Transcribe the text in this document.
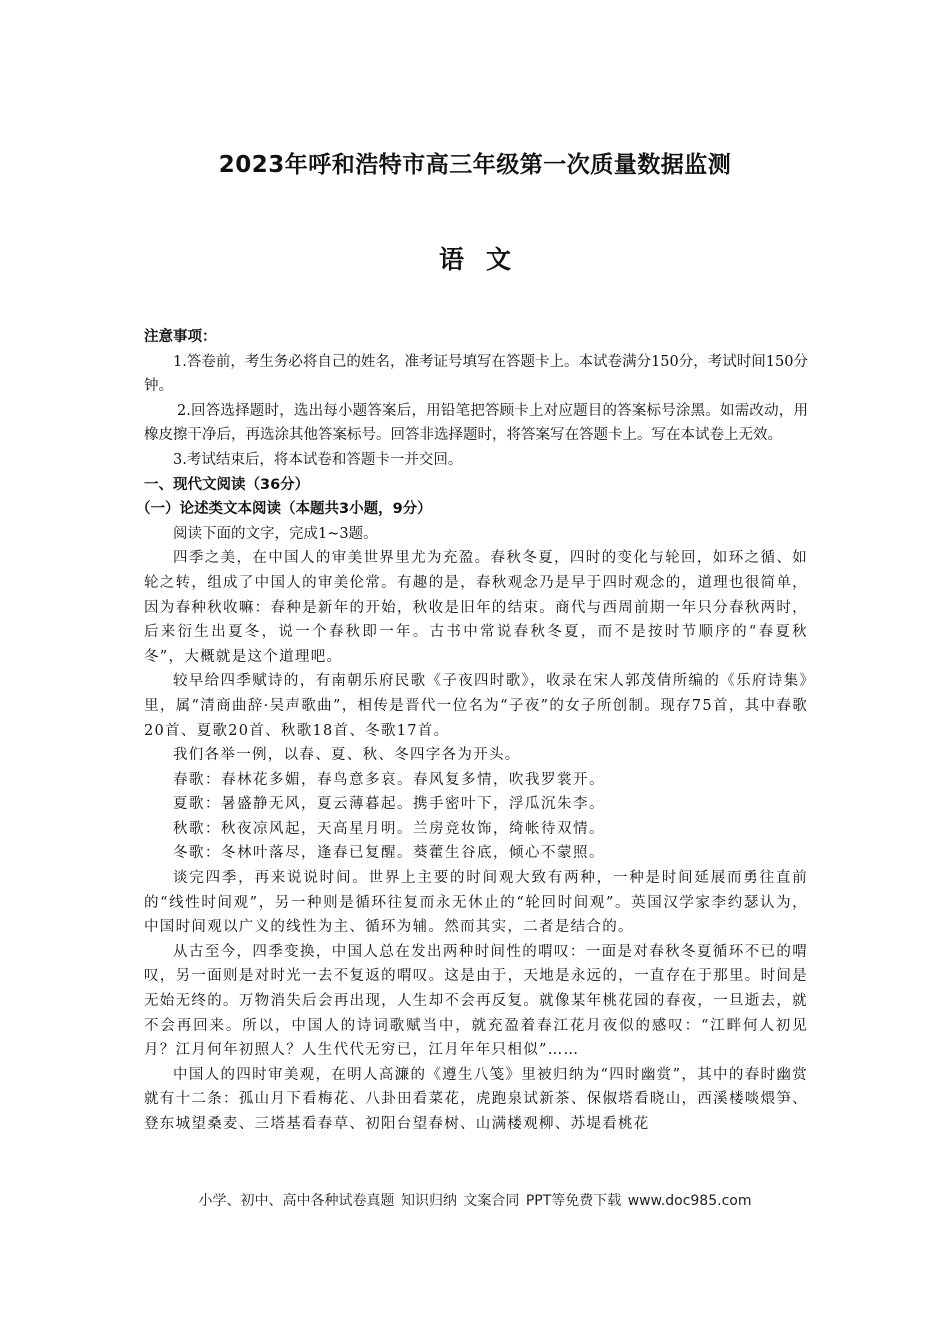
2023年呼和浩特市高三年级第一次质量数据监测
语文

注意事项：

1.答卷前，考生务必将自己的姓名，准考证号填写在答题卡上。本试卷满分150分，考试时间150分钟。

2.回答选择题时，选出每小题答案后，用铅笔把答顾卡上对应题目的答案标号涂黑。如需改动，用橡皮擦干净后，再选涂其他答案标号。回答非选择题时，将答案写在答题卡上。写在本试卷上无效。

3.考试结束后，将本试卷和答题卡一并交回。

一、现代文阅读（36分）

（一）论述类文本阅读（本题共3小题，9分）

阅读下面的文字，完成1~3题。

四季之美，在中国人的审美世界里尤为充盈。春秋冬夏，四时的变化与轮回，如环之循、如轮之转，组成了中国人的审美伦常。有趣的是，春秋观念乃是早于四时观念的，道理也很简单，因为春种秋收嘛：春种是新年的开始，秋收是旧年的结束。商代与西周前期一年只分春秋两时，后来衍生出夏冬，说一个春秋即一年。古书中常说春秋冬夏，而不是按时节顺序的“春夏秋冬”，大概就是这个道理吧。

较早给四季赋诗的，有南朝乐府民歌《子夜四时歌》，收录在宋人郭茂倩所编的《乐府诗集》里，属“清商曲辞·吴声歌曲”，相传是晋代一位名为“子夜”的女子所创制。现存75首，其中春歌20首、夏歌20首、秋歌18首、冬歌17首。

我们各举一例，以春、夏、秋、冬四字各为开头。

春歌：春林花多媚，春鸟意多哀。春风复多情，吹我罗裳开。

夏歌：暑盛静无风，夏云薄暮起。携手密叶下，浮瓜沉朱李。

秋歌：秋夜凉风起，天高星月明。兰房竞妆饰，绮帐待双情。

冬歌：冬林叶落尽，逢春已复醒。葵藿生谷底，倾心不蒙照。

谈完四季，再来说说时间。世界上主要的时间观大致有两种，一种是时间延展而勇往直前的“线性时间观”，另一种则是循环往复而永无休止的“轮回时间观”。英国汉学家李约瑟认为，中国时间观以广义的线性为主、循环为辅。然而其实，二者是结合的。

从古至今，四季变换，中国人总在发出两种时间性的喟叹：一面是对春秋冬夏循环不已的喟叹，另一面则是对时光一去不复返的喟叹。这是由于，天地是永远的，一直存在于那里。时间是无始无终的。万物消失后会再出现，人生却不会再反复。就像某年桃花园的春夜，一旦逝去，就不会再回来。所以，中国人的诗词歌赋当中，就充盈着春江花月夜似的感叹：“江畔何人初见月？江月何年初照人？人生代代无穷已，江月年年只相似”……

中国人的四时审美观，在明人高濂的《遵生八笺》里被归纳为“四时幽赏”，其中的春时幽赏就有十二条：孤山月下看梅花、八卦田看菜花，虎跑泉试新茶、保俶塔看晓山，西溪楼啖煨笋、登东城望桑麦、三塔基看春草、初阳台望春树、山满楼观柳、苏堤看桃花

小学、初中、高中各种试卷真题 知识归纳 文案合同 PPT等免费下载 www.doc985.com
